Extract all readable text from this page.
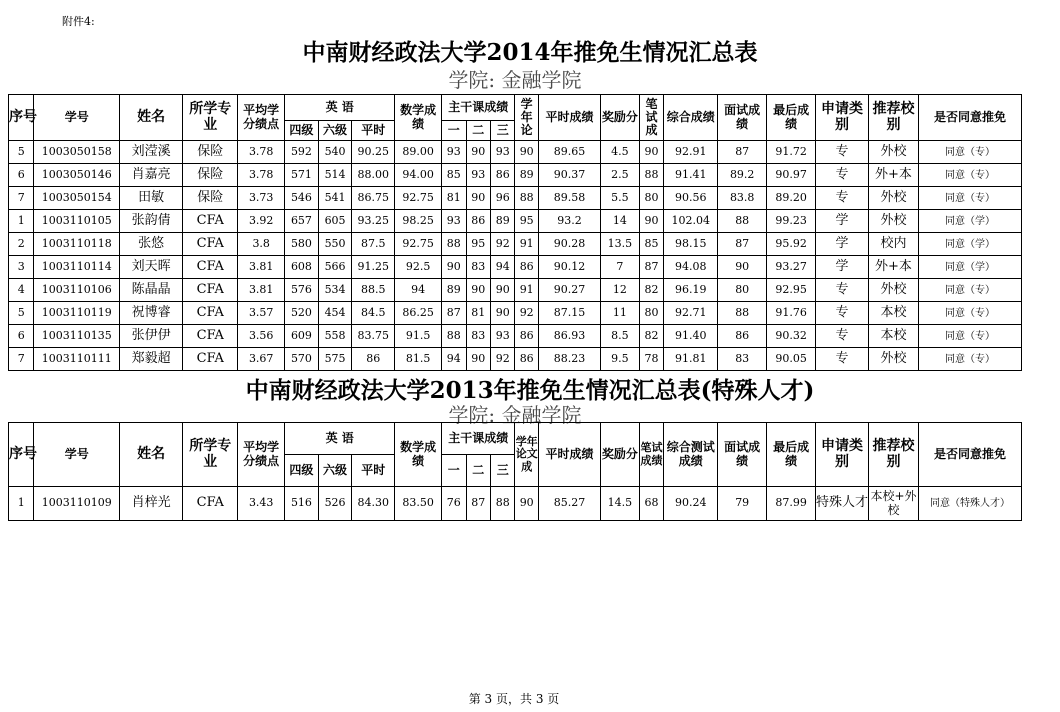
附件4:
中南财经政法大学2014年推免生情况汇总表
学院: 金融学院
序号	学号	姓名	所学专业	平均学分绩点	英 语			数学成绩	主干课成绩			学年论	平时成绩	奖励分	笔试成	综合成绩	面试成绩	最后成绩	申请类别	推荐校别	是否同意推免
					四级	六级	平时		一	二	三										
5	1003050158	刘滢溪	保险	3.78	592	540	90.25	89.00	93	90	93	90	89.65	4.5	90	92.91	87	91.72	专	外校	同意（专）
6	1003050146	肖嘉亮	保险	3.78	571	514	88.00	94.00	85	93	86	89	90.37	2.5	88	91.41	89.2	90.97	专	外+本	同意（专）
7	1003050154	田敏	保险	3.73	546	541	86.75	92.75	81	90	96	88	89.58	5.5	80	90.56	83.8	89.20	专	外校	同意（专）
1	1003110105	张韵倩	CFA	3.92	657	605	93.25	98.25	93	86	89	95	93.2	14	90	102.04	88	99.23	学	外校	同意（学）
2	1003110118	张悠	CFA	3.8	580	550	87.5	92.75	88	95	92	91	90.28	13.5	85	98.15	87	95.92	学	校内	同意（学）
3	1003110114	刘天晖	CFA	3.81	608	566	91.25	92.5	90	83	94	86	90.12	7	87	94.08	90	93.27	学	外+本	同意（学）
4	1003110106	陈晶晶	CFA	3.81	576	534	88.5	94	89	90	90	91	90.27	12	82	96.19	80	92.95	专	外校	同意（专）
5	1003110119	祝博睿	CFA	3.57	520	454	84.5	86.25	87	81	90	92	87.15	11	80	92.71	88	91.76	专	本校	同意（专）
6	1003110135	张伊伊	CFA	3.56	609	558	83.75	91.5	88	83	93	86	86.93	8.5	82	91.40	86	90.32	专	本校	同意（专）
7	1003110111	郑毅超	CFA	3.67	570	575	86	81.5	94	90	92	86	88.23	9.5	78	91.81	83	90.05	专	外校	同意（专）
中南财经政法大学2013年推免生情况汇总表(特殊人才)
学院: 金融学院
序号	学号	姓名	所学专业	平均学分绩点	英 语			数学成绩	主干课成绩			学年论文成	平时成绩	奖励分	笔试成绩	综合测试成绩	面试成绩	最后成绩	申请类别	推荐校别	是否同意推免
					四级	六级	平时		一	二	三										
1	1003110109	肖梓光	CFA	3.43	516	526	84.30	83.50	76	87	88	90	85.27	14.5	68	90.24	79	87.99	特殊人才	本校+外校	同意（特殊人才）
第 3 页，共 3 页
